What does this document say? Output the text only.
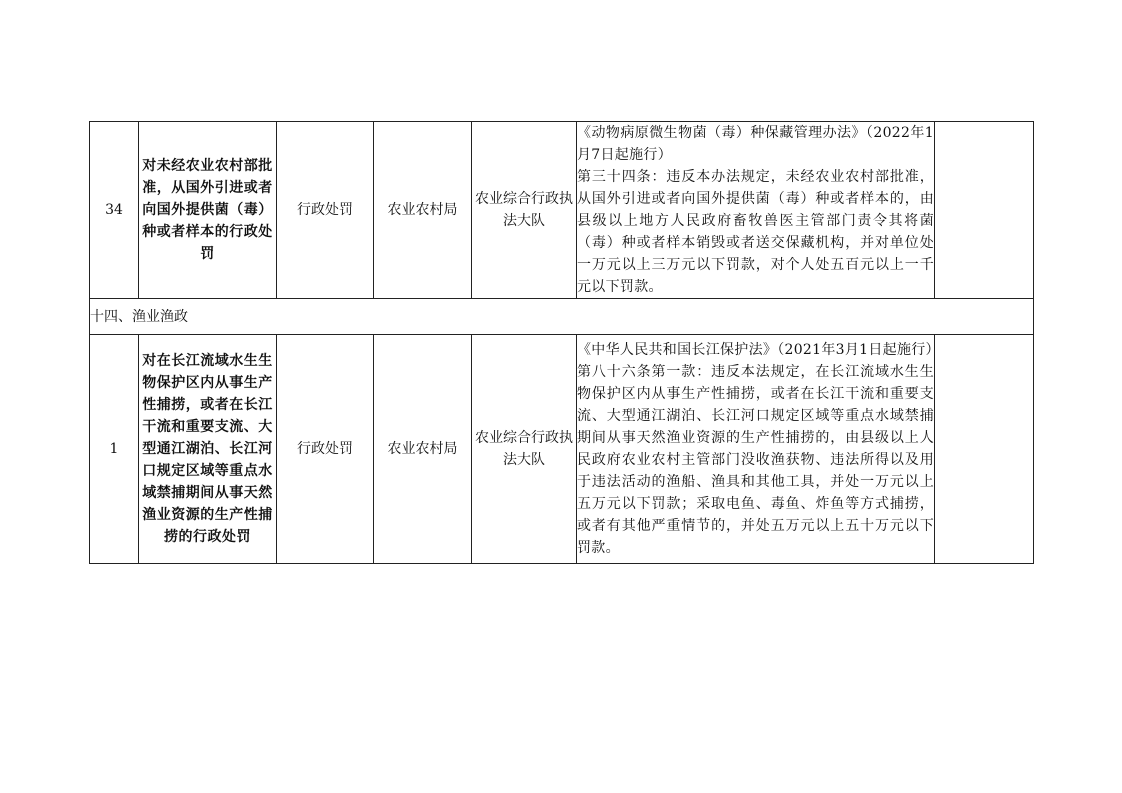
34	对未经农业农村部批准，从国外引进或者向国外提供菌（毒）种或者样本的行政处罚	行政处罚	农业农村局	农业综合行政执法大队	《动物病原微生物菌（毒）种保藏管理办法》（2022年1月7日起施行）
第三十四条：违反本办法规定，未经农业农村部批准，从国外引进或者向国外提供菌（毒）种或者样本的，由县级以上地方人民政府畜牧兽医主管部门责令其将菌（毒）种或者样本销毁或者送交保藏机构，并对单位处一万元以上三万元以下罚款，对个人处五百元以上一千元以下罚款。	

十四、渔业渔政						
1	对在长江流域水生生物保护区内从事生产性捕捞，或者在长江干流和重要支流、大型通江湖泊、长江河口规定区域等重点水域禁捕期间从事天然渔业资源的生产性捕捞的行政处罚	行政处罚	农业农村局	农业综合行政执法大队	《中华人民共和国长江保护法》（2021年3月1日起施行）
第八十六条第一款：违反本法规定，在长江流域水生生物保护区内从事生产性捕捞，或者在长江干流和重要支流、大型通江湖泊、长江河口规定区域等重点水域禁捕期间从事天然渔业资源的生产性捕捞的，由县级以上人民政府农业农村主管部门没收渔获物、违法所得以及用于违法活动的渔船、渔具和其他工具，并处一万元以上五万元以下罚款；采取电鱼、毒鱼、炸鱼等方式捕捞，或者有其他严重情节的，并处五万元以上五十万元以下罚款。	
